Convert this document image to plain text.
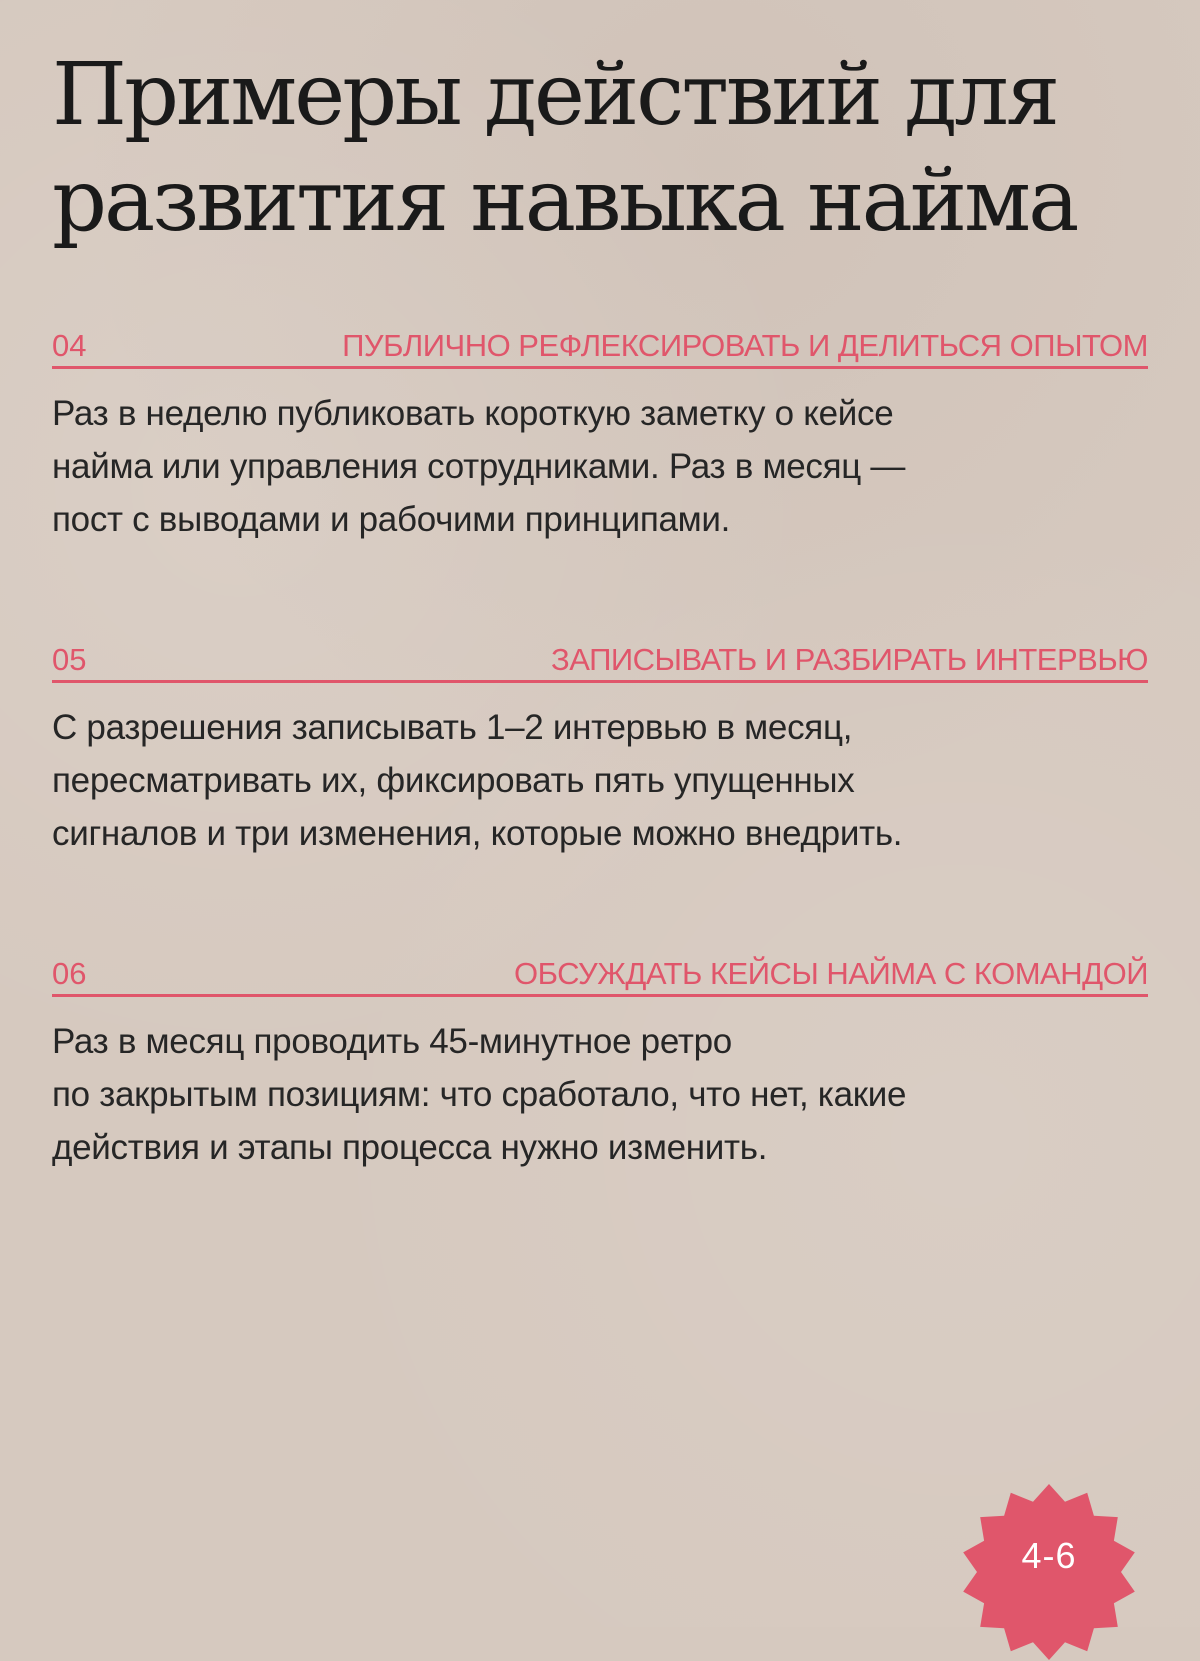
Примеры действий для
развития навыка найма
04	ПУБЛИЧНО РЕФЛЕКСИРОВАТЬ И ДЕЛИТЬСЯ ОПЫТОМ
Раз в неделю публиковать короткую заметку о кейсе
найма или управления сотрудниками. Раз в месяц —
пост с выводами и рабочими принципами.
05	ЗАПИСЫВАТЬ И РАЗБИРАТЬ ИНТЕРВЬЮ
С разрешения записывать 1–2 интервью в месяц,
пересматривать их, фиксировать пять упущенных
сигналов и три изменения, которые можно внедрить.
06	ОБСУЖДАТЬ КЕЙСЫ НАЙМА С КОМАНДОЙ
Раз в месяц проводить 45-минутное ретро
по закрытым позициям: что сработало, что нет, какие
действия и этапы процесса нужно изменить.
4-6
